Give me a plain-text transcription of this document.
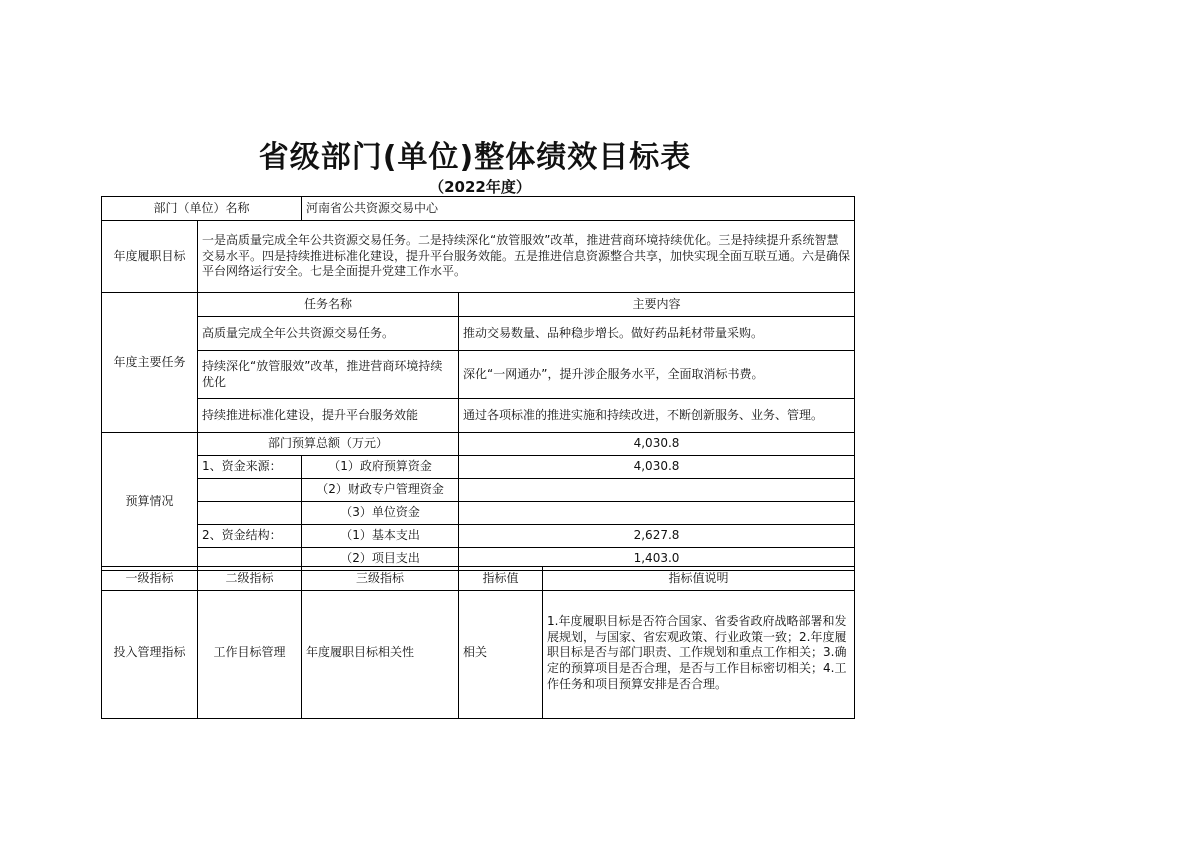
省级部门(单位)整体绩效目标表
（2022年度）
部门（单位）名称		河南省公共资源交易中心		
年度履职目标	一是高质量完成全年公共资源交易任务。二是持续深化“放管服效”改革，推进营商环境持续优化。三是持续提升系统智慧交易水平。四是持续推进标准化建设，提升平台服务效能。五是推进信息资源整合共享，加快实现全面互联互通。六是确保平台网络运行安全。七是全面提升党建工作水平。			
年度主要任务	任务名称		主要内容	
	高质量完成全年公共资源交易任务。		推动交易数量、品种稳步增长。做好药品耗材带量采购。	
	持续深化“放管服效”改革，推进营商环境持续优化		深化“一网通办”，提升涉企服务水平，全面取消标书费。	
	持续推进标准化建设，提升平台服务效能		通过各项标准的推进实施和持续改进，不断创新服务、业务、管理。	
预算情况	部门预算总额（万元）		4,030.8	
	1、资金来源：	（1）政府预算资金	4,030.8	
		（2）财政专户管理资金		
		（3）单位资金		
	2、资金结构：	（1）基本支出	2,627.8	
		（2）项目支出	1,403.0	

一级指标	二级指标	三级指标	指标值	指标值说明
投入管理指标	工作目标管理	年度履职目标相关性	相关	1.年度履职目标是否符合国家、省委省政府战略部署和发展规划，与国家、省宏观政策、行业政策一致；2.年度履职目标是否与部门职责、工作规划和重点工作相关；3.确定的预算项目是否合理，是否与工作目标密切相关；4.工作任务和项目预算安排是否合理。
